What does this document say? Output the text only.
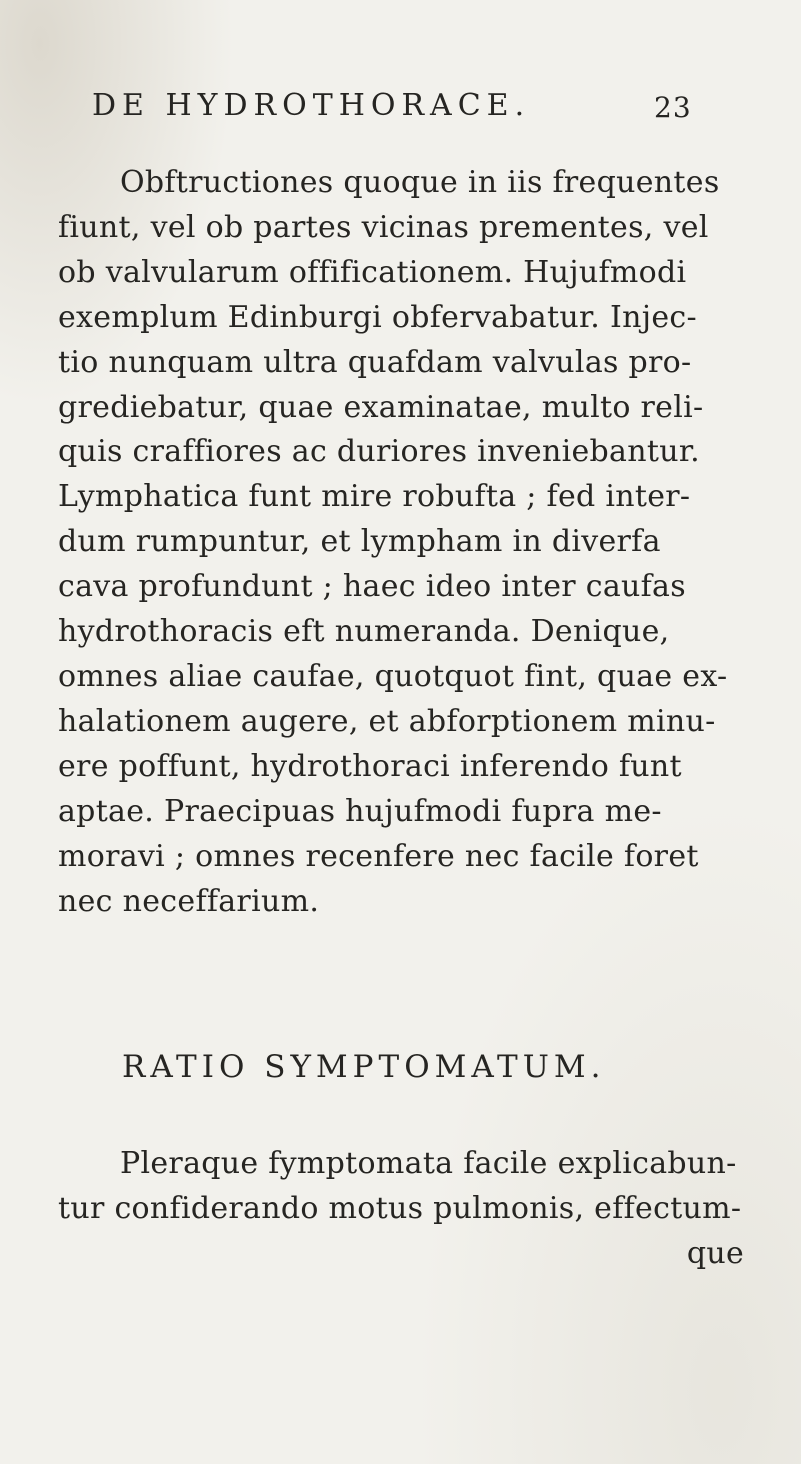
DE HYDROTHORACE.	23

Obftructiones quoque in iis frequentes
fiunt, vel ob partes vicinas prementes, vel
ob valvularum offificationem. Hujufmodi
exemplum Edinburgi obfervabatur. Injec-
tio nunquam ultra quafdam valvulas pro-
grediebatur, quae examinatae, multo reli-
quis craffiores ac duriores inveniebantur.
Lymphatica funt mire robufta ; fed inter-
dum rumpuntur, et lympham in diverfa
cava profundunt ; haec ideo inter caufas
hydrothoracis eft numeranda. Denique,
omnes aliae caufae, quotquot fint, quae ex-
halationem augere, et abforptionem minu-
ere poffunt, hydrothoraci inferendo funt
aptae. Praecipuas hujufmodi fupra me-
moravi ; omnes recenfere nec facile foret
nec neceffarium.

RATIO SYMPTOMATUM.

Pleraque fymptomata facile explicabun-
tur confiderando motus pulmonis, effectum-
que
